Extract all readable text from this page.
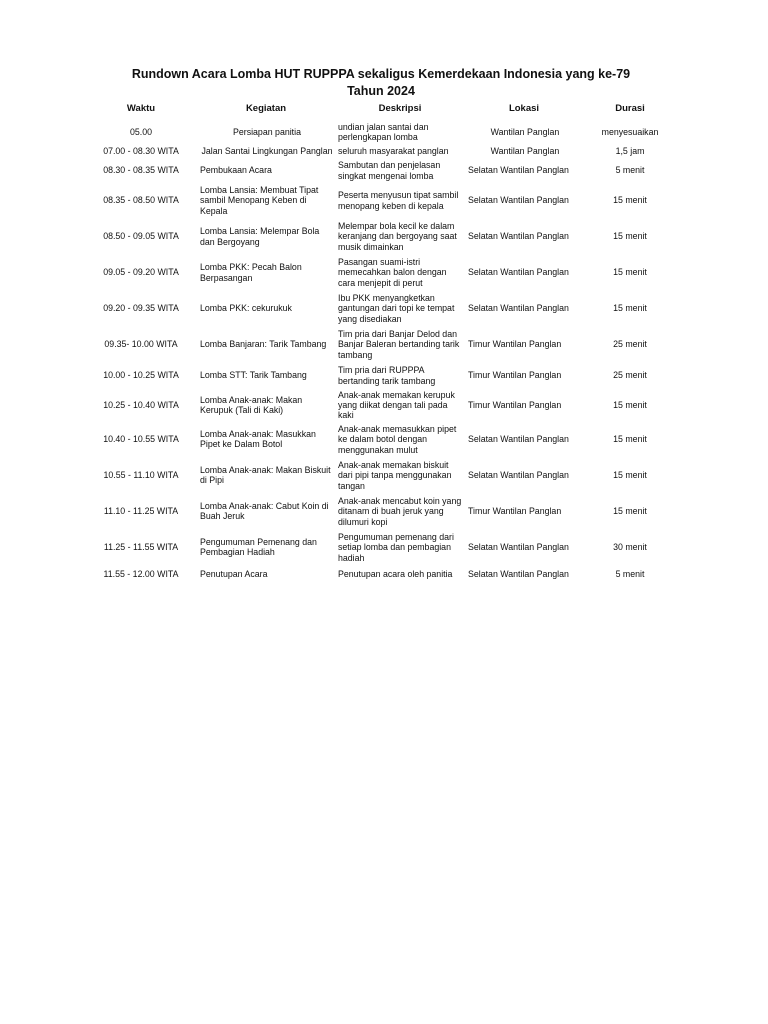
Rundown Acara Lomba HUT RUPPPA sekaligus Kemerdekaan Indonesia yang ke-79
Tahun 2024
Waktu	Kegiatan	Deskripsi	Lokasi	Durasi
05.00	Persiapan panitia	undian jalan santai dan perlengkapan lomba	Wantilan Panglan	menyesuaikan
07.00 - 08.30 WITA	Jalan Santai Lingkungan Panglan	seluruh masyarakat panglan	Wantilan Panglan	1,5 jam
08.30 - 08.35 WITA	Pembukaan Acara	Sambutan dan penjelasan singkat mengenai lomba	Selatan Wantilan Panglan	5 menit
08.35 - 08.50 WITA	Lomba Lansia: Membuat Tipat sambil Menopang Keben di Kepala	Peserta menyusun tipat sambil menopang keben di kepala	Selatan Wantilan Panglan	15 menit
08.50 - 09.05 WITA	Lomba Lansia: Melempar Bola dan Bergoyang	Melempar bola kecil ke dalam keranjang dan bergoyang saat musik dimainkan	Selatan Wantilan Panglan	15 menit
09.05 - 09.20 WITA	Lomba PKK: Pecah Balon Berpasangan	Pasangan suami-istri memecahkan balon dengan cara menjepit di perut	Selatan Wantilan Panglan	15 menit
09.20 - 09.35 WITA	Lomba PKK: cekurukuk	Ibu PKK menyangketkan gantungan dari topi ke tempat yang disediakan	Selatan Wantilan Panglan	15 menit
09.35- 10.00 WITA	Lomba Banjaran: Tarik Tambang	Tim pria dari Banjar Delod dan Banjar Baleran bertanding tarik tambang	Timur Wantilan Panglan	25 menit
10.00 - 10.25 WITA	Lomba STT: Tarik Tambang	Tim pria dari RUPPPA bertanding tarik tambang	Timur Wantilan Panglan	25 menit
10.25 - 10.40 WITA	Lomba Anak-anak: Makan Kerupuk (Tali di Kaki)	Anak-anak memakan kerupuk yang diikat dengan tali pada kaki	Timur Wantilan Panglan	15 menit
10.40 - 10.55 WITA	Lomba Anak-anak: Masukkan Pipet ke Dalam Botol	Anak-anak memasukkan pipet ke dalam botol dengan menggunakan mulut	Selatan Wantilan Panglan	15 menit
10.55 - 11.10 WITA	Lomba Anak-anak: Makan Biskuit di Pipi	Anak-anak memakan biskuit dari pipi tanpa menggunakan tangan	Selatan Wantilan Panglan	15 menit
11.10 - 11.25 WITA	Lomba Anak-anak: Cabut Koin di Buah Jeruk	Anak-anak mencabut koin yang ditanam di buah jeruk yang dilumuri kopi	Timur Wantilan Panglan	15 menit
11.25 - 11.55 WITA	Pengumuman Pemenang dan Pembagian Hadiah	Pengumuman pemenang dari setiap lomba dan pembagian hadiah	Selatan Wantilan Panglan	30 menit
11.55 - 12.00 WITA	Penutupan Acara	Penutupan acara oleh panitia	Selatan Wantilan Panglan	5 menit
